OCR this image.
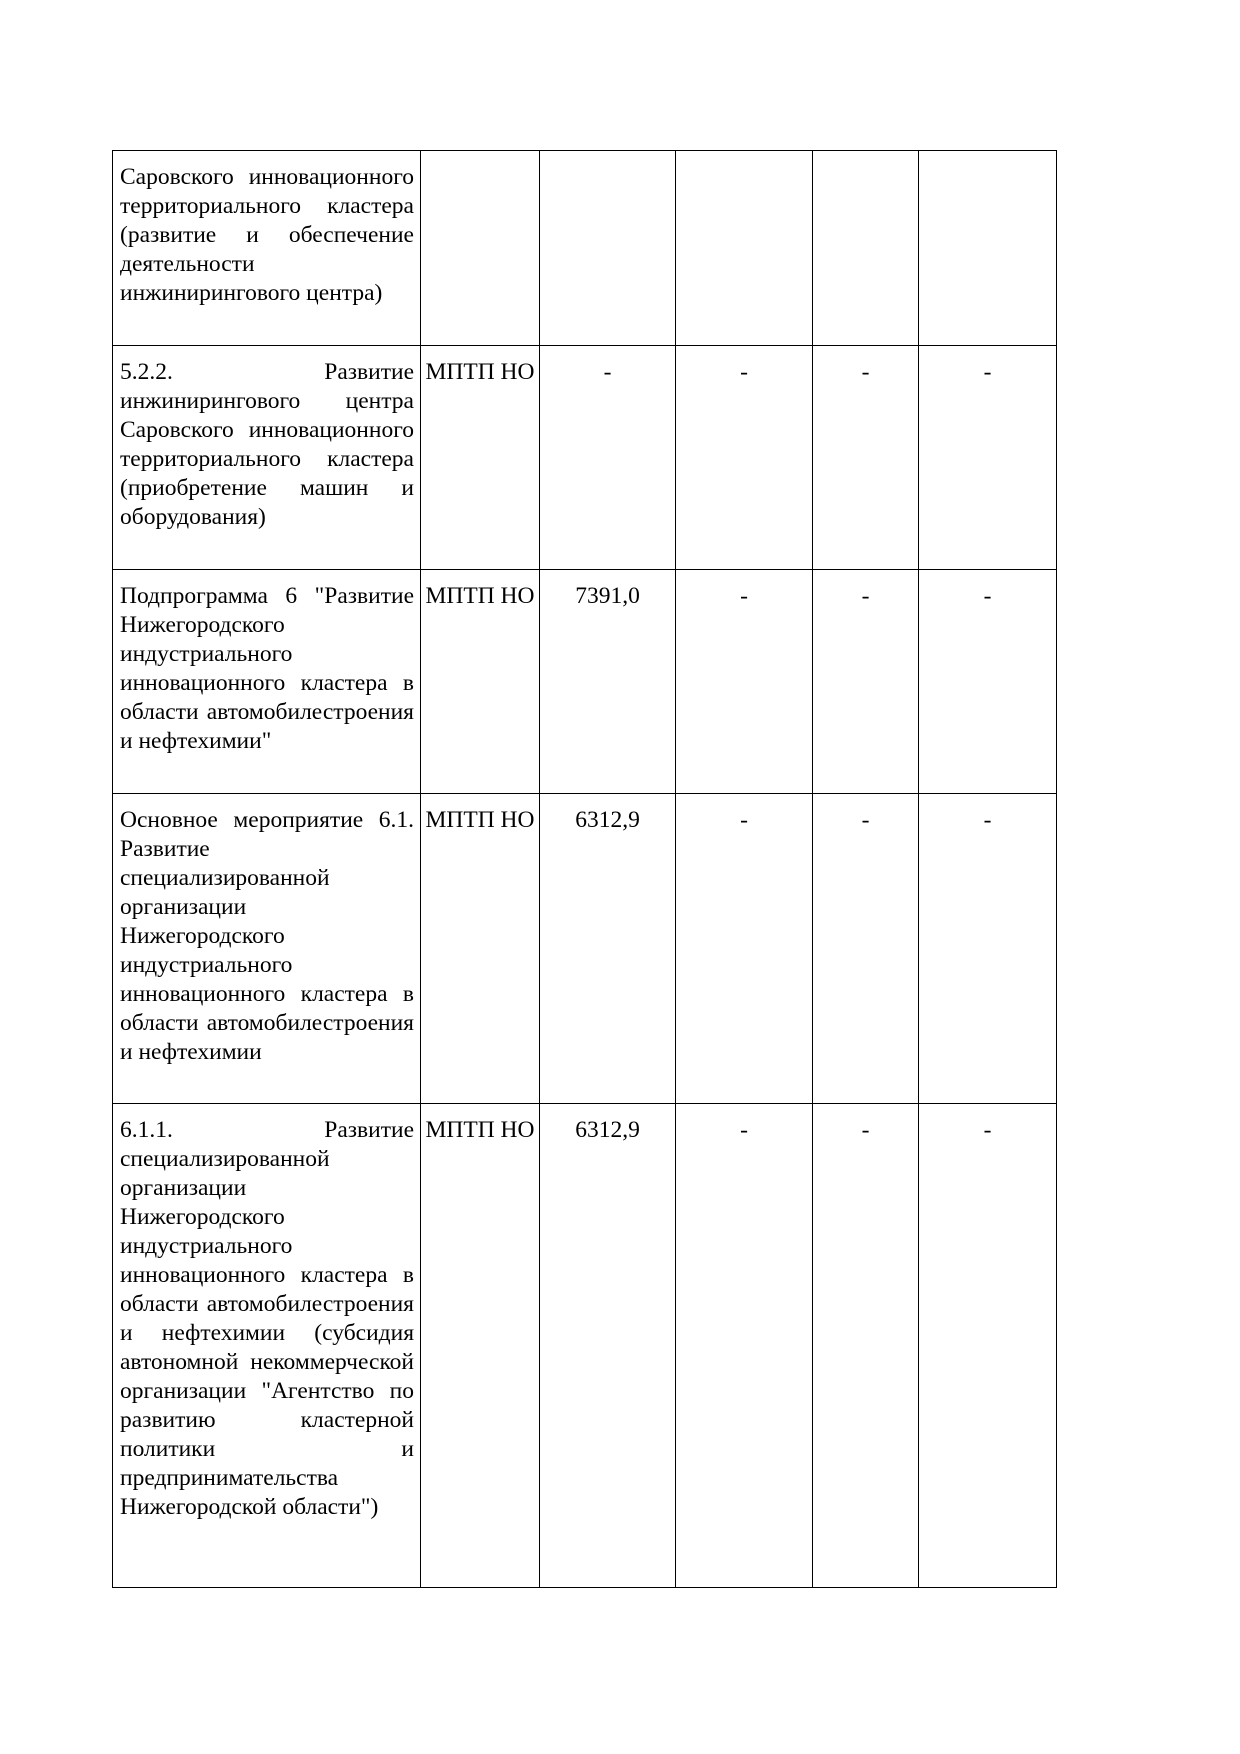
Саровского инновационного территориального кластера (развитие и обеспечение деятельности инжинирингового центра)					

5.2.2. Развитие инжинирингового центра Саровского инновационного территориального кластера (приобретение машин и оборудования)	МПТП НО	-	-	-	-

Подпрограмма 6 "Развитие Нижегородского индустриального инновационного кластера в области автомобилестроения и нефтехимии"	МПТП НО	7391,0	-	-	-

Основное мероприятие 6.1. Развитие специализированной организации Нижегородского индустриального инновационного кластера в области автомобилестроения и нефтехимии	МПТП НО	6312,9	-	-	-

6.1.1. Развитие специализированной организации Нижегородского индустриального инновационного кластера в области автомобилестроения и нефтехимии (субсидия автономной некоммерческой организации "Агентство по развитию кластерной политики и предпринимательства Нижегородской области")	МПТП НО	6312,9	-	-	-
